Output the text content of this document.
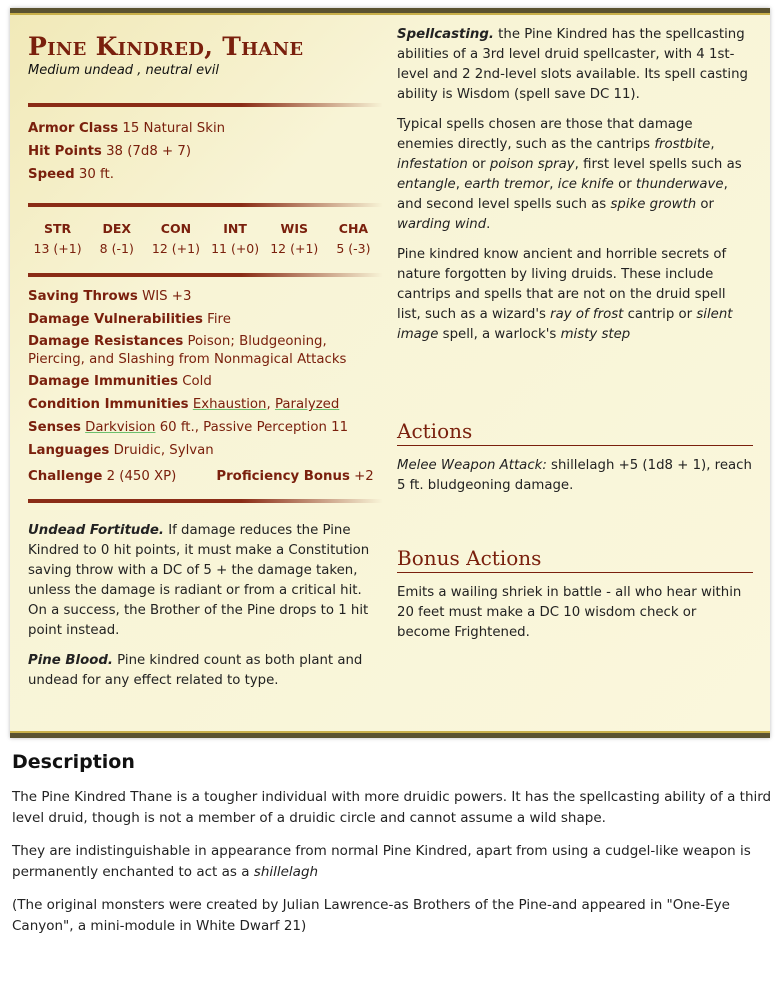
Pine Kindred, Thane
Medium undead , neutral evil
Armor Class 15 Natural Skin
Hit Points 38 (7d8 + 7)
Speed 30 ft.
STR
13 (+1)
DEX
8 (-1)
CON
12 (+1)
INT
11 (+0)
WIS
12 (+1)
CHA
5 (-3)
Saving Throws WIS +3
Damage Vulnerabilities Fire
Damage Resistances Poison; Bludgeoning, Piercing, and Slashing from Nonmagical Attacks
Damage Immunities Cold
Condition Immunities Exhaustion, Paralyzed
Senses Darkvision 60 ft., Passive Perception 11
Languages Druidic, Sylvan
Challenge 2 (450 XP)	Proficiency Bonus +2

Undead Fortitude. If damage reduces the Pine Kindred to 0 hit points, it must make a Constitution saving throw with a DC of 5 + the damage taken, unless the damage is radiant or from a critical hit. On a success, the Brother of the Pine drops to 1 hit point instead.

Pine Blood. Pine kindred count as both plant and undead for any effect related to type.

Spellcasting. the Pine Kindred has the spellcasting abilities of a 3rd level druid spellcaster, with 4 1st-level and 2 2nd-level slots available. Its spell casting ability is Wisdom (spell save DC 11).

Typical spells chosen are those that damage enemies directly, such as the cantrips frostbite, infestation or poison spray, first level spells such as entangle, earth tremor, ice knife or thunderwave, and second level spells such as spike growth or warding wind.

Pine kindred know ancient and horrible secrets of nature forgotten by living druids. These include cantrips and spells that are not on the druid spell list, such as a wizard's ray of frost cantrip or silent image spell, a warlock's misty step

Actions

Melee Weapon Attack: shillelagh +5 (1d8 + 1), reach 5 ft. bludgeoning damage.

Bonus Actions

Emits a wailing shriek in battle - all who hear within 20 feet must make a DC 10 wisdom check or become Frightened.

Description

The Pine Kindred Thane is a tougher individual with more druidic powers. It has the spellcasting ability of a third level druid, though is not a member of a druidic circle and cannot assume a wild shape.

They are indistinguishable in appearance from normal Pine Kindred, apart from using a cudgel-like weapon is permanently enchanted to act as a shillelagh

(The original monsters were created by Julian Lawrence-as Brothers of the Pine-and appeared in "One-Eye Canyon", a mini-module in White Dwarf 21)
